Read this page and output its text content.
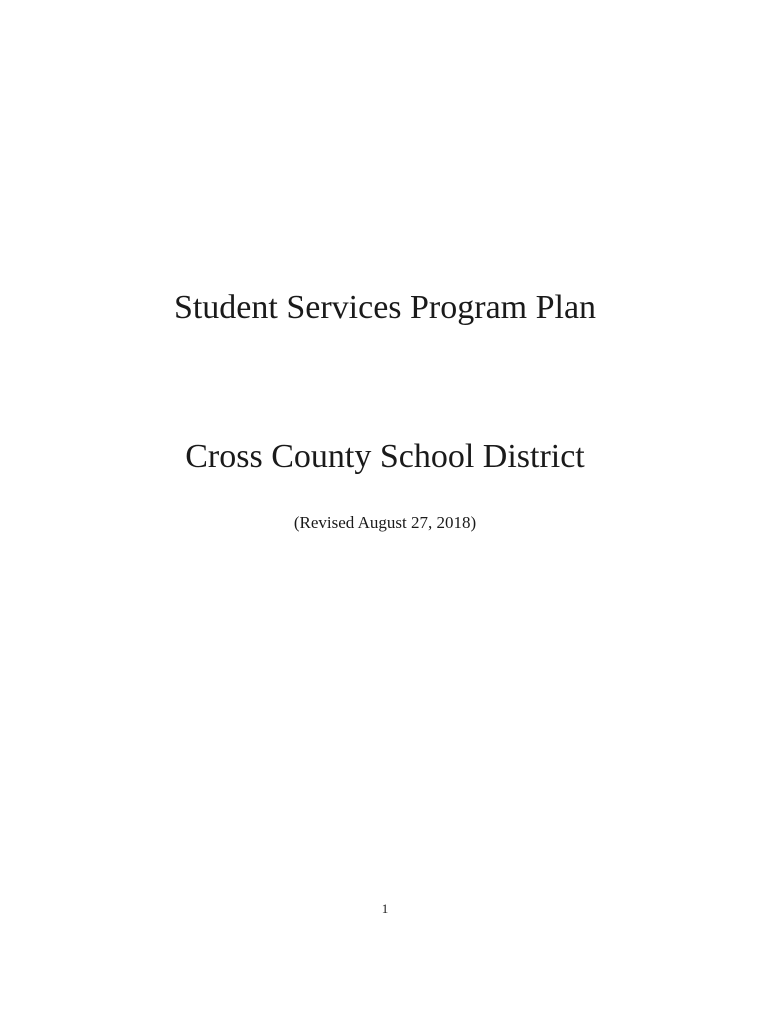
Student Services Program Plan
Cross County School District
(Revised August 27, 2018)
1
